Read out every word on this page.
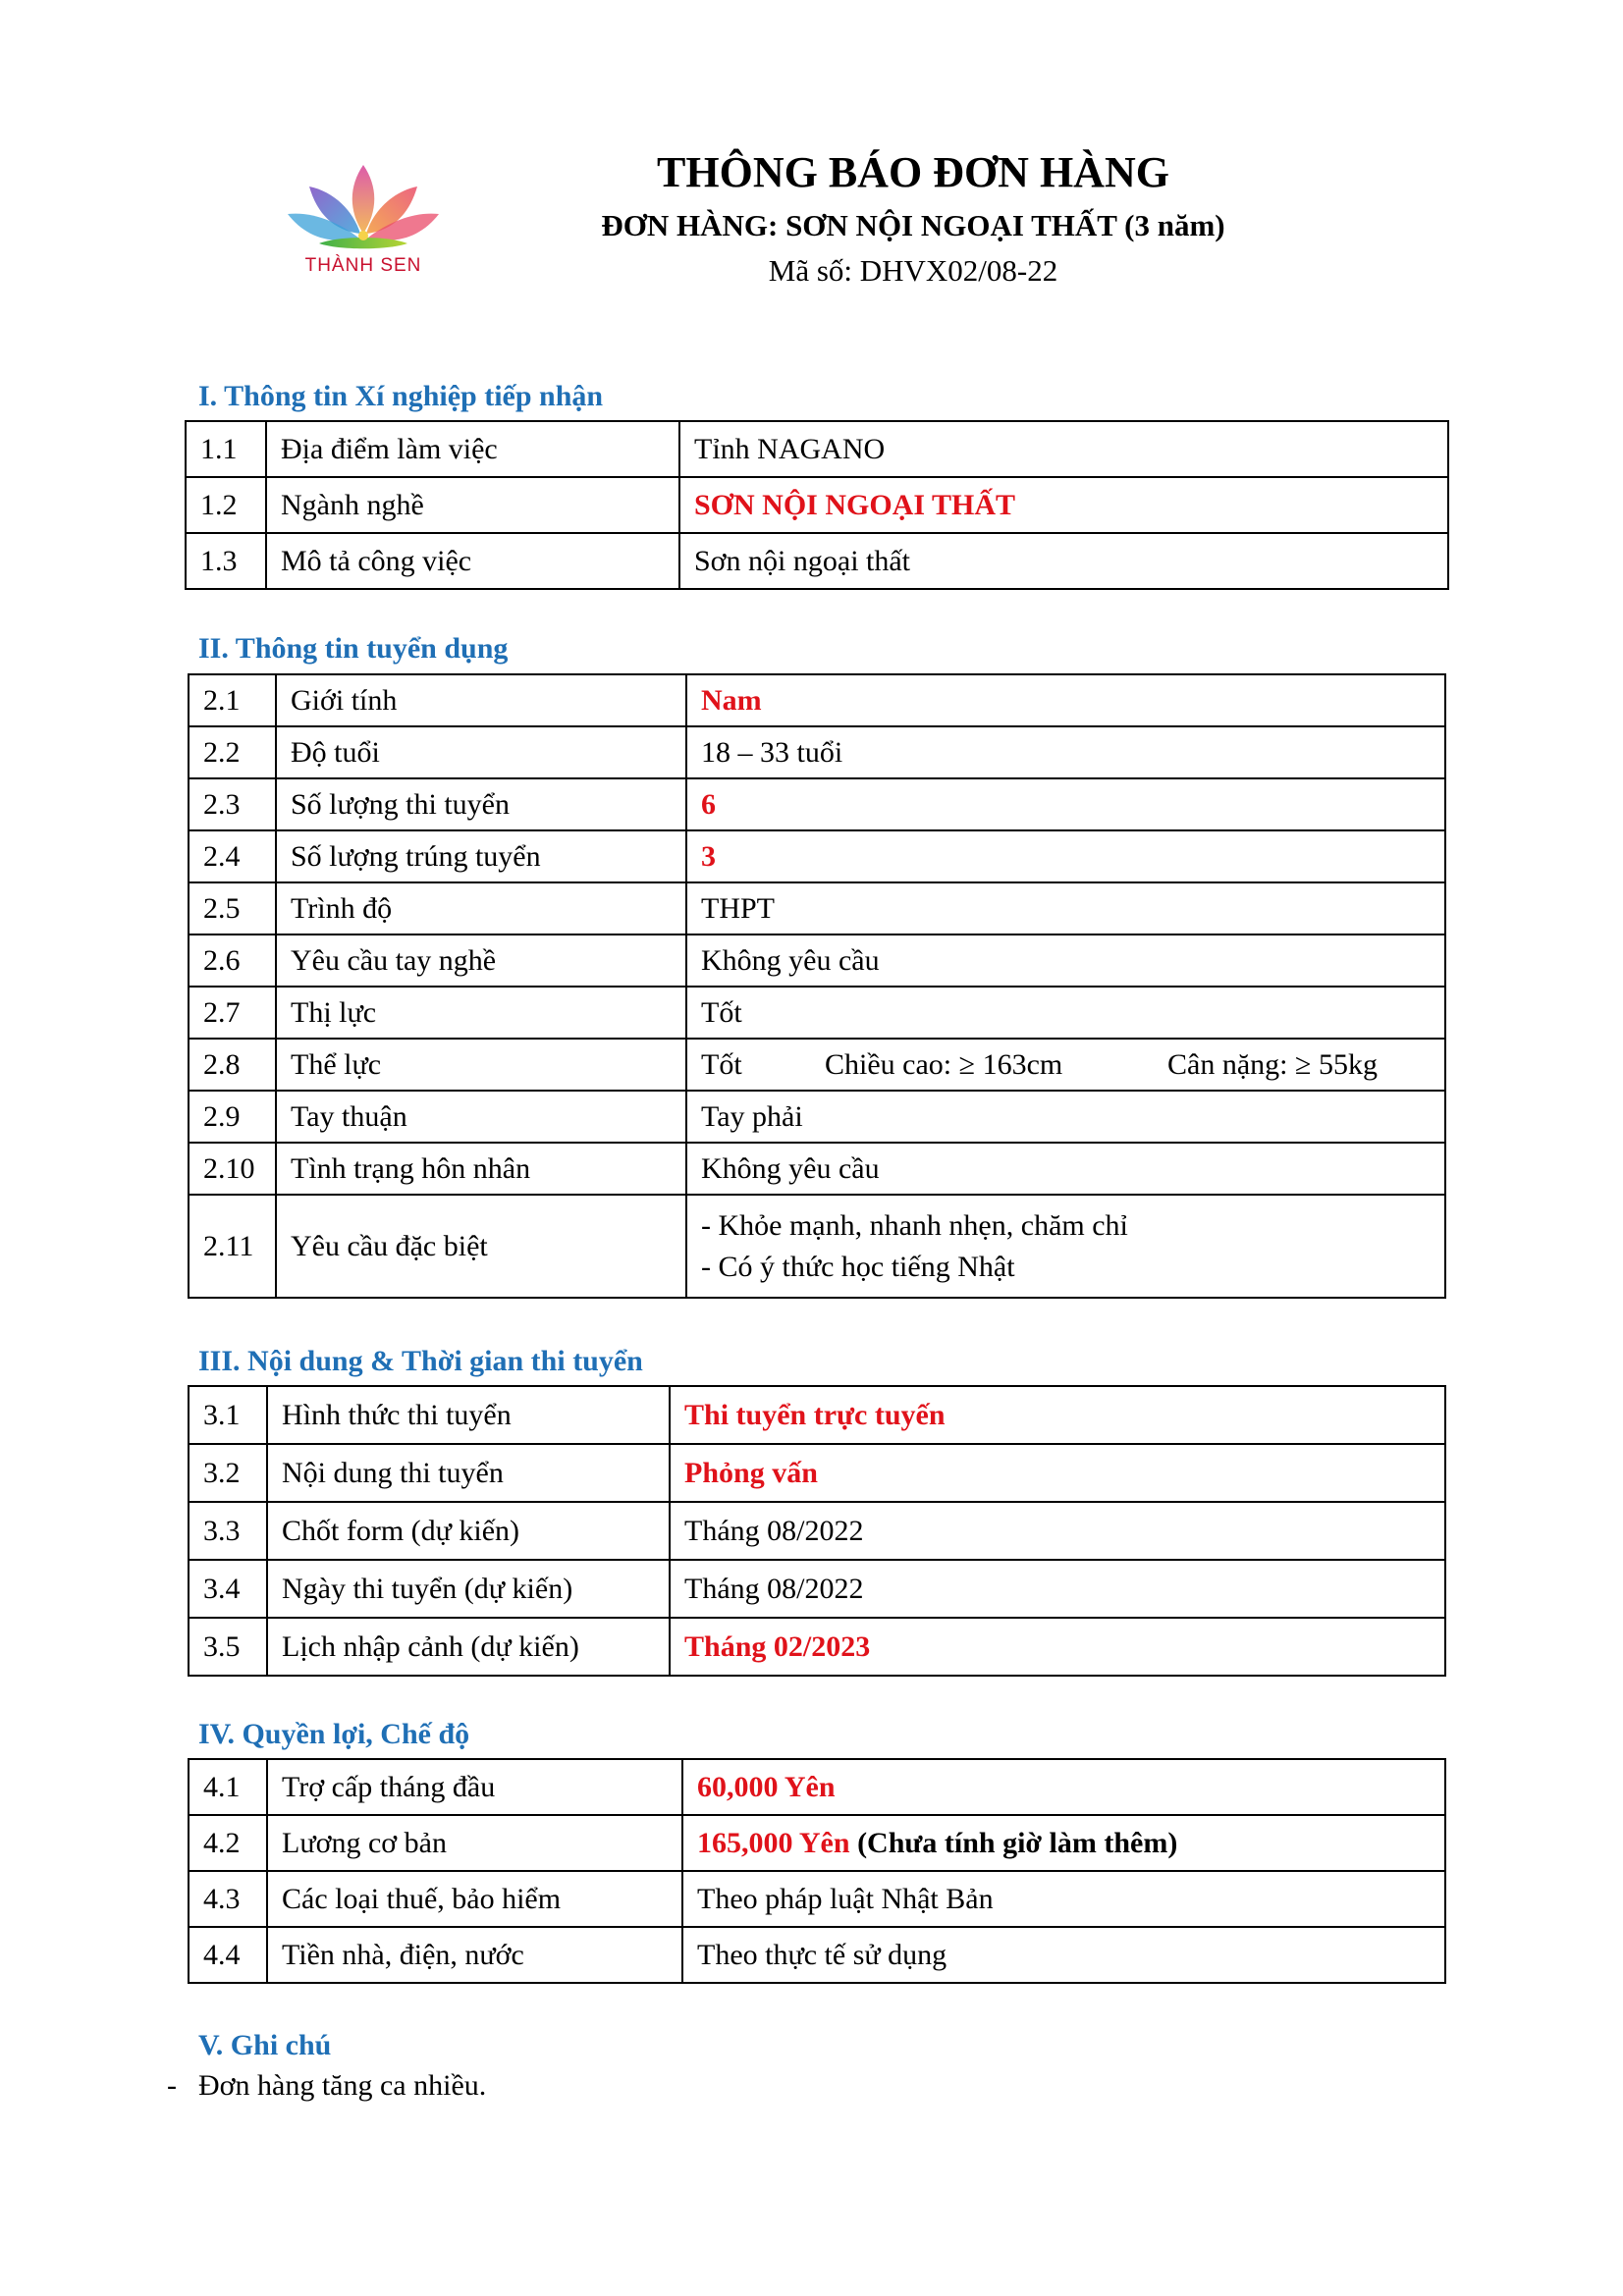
THÀNH SEN
THÔNG BÁO ĐƠN HÀNG
ĐƠN HÀNG: SƠN NỘI NGOẠI THẤT (3 năm)
Mã số: DHVX02/08-22
I. Thông tin Xí nghiệp tiếp nhận
1.1	Địa điểm làm việc	Tỉnh NAGANO
1.2	Ngành nghề	SƠN NỘI NGOẠI THẤT
1.3	Mô tả công việc	Sơn nội ngoại thất
II. Thông tin tuyển dụng
2.1	Giới tính	Nam
2.2	Độ tuổi	18 – 33 tuổi
2.3	Số lượng thi tuyển	6
2.4	Số lượng trúng tuyển	3
2.5	Trình độ	THPT
2.6	Yêu cầu tay nghề	Không yêu cầu
2.7	Thị lực	Tốt
2.8	Thể lực	Tốt Chiều cao: ≥ 163cm Cân nặng: ≥ 55kg
2.9	Tay thuận	Tay phải
2.10	Tình trạng hôn nhân	Không yêu cầu
2.11	Yêu cầu đặc biệt	- Khỏe mạnh, nhanh nhẹn, chăm chỉ
- Có ý thức học tiếng Nhật
III. Nội dung & Thời gian thi tuyển
3.1	Hình thức thi tuyển	Thi tuyển trực tuyến
3.2	Nội dung thi tuyển	Phỏng vấn
3.3	Chốt form (dự kiến)	Tháng 08/2022
3.4	Ngày thi tuyển (dự kiến)	Tháng 08/2022
3.5	Lịch nhập cảnh (dự kiến)	Tháng 02/2023
IV. Quyền lợi, Chế độ
4.1	Trợ cấp tháng đầu	60,000 Yên
4.2	Lương cơ bản	165,000 Yên (Chưa tính giờ làm thêm)
4.3	Các loại thuế, bảo hiểm	Theo pháp luật Nhật Bản
4.4	Tiền nhà, điện, nước	Theo thực tế sử dụng
V. Ghi chú
- Đơn hàng tăng ca nhiều.
